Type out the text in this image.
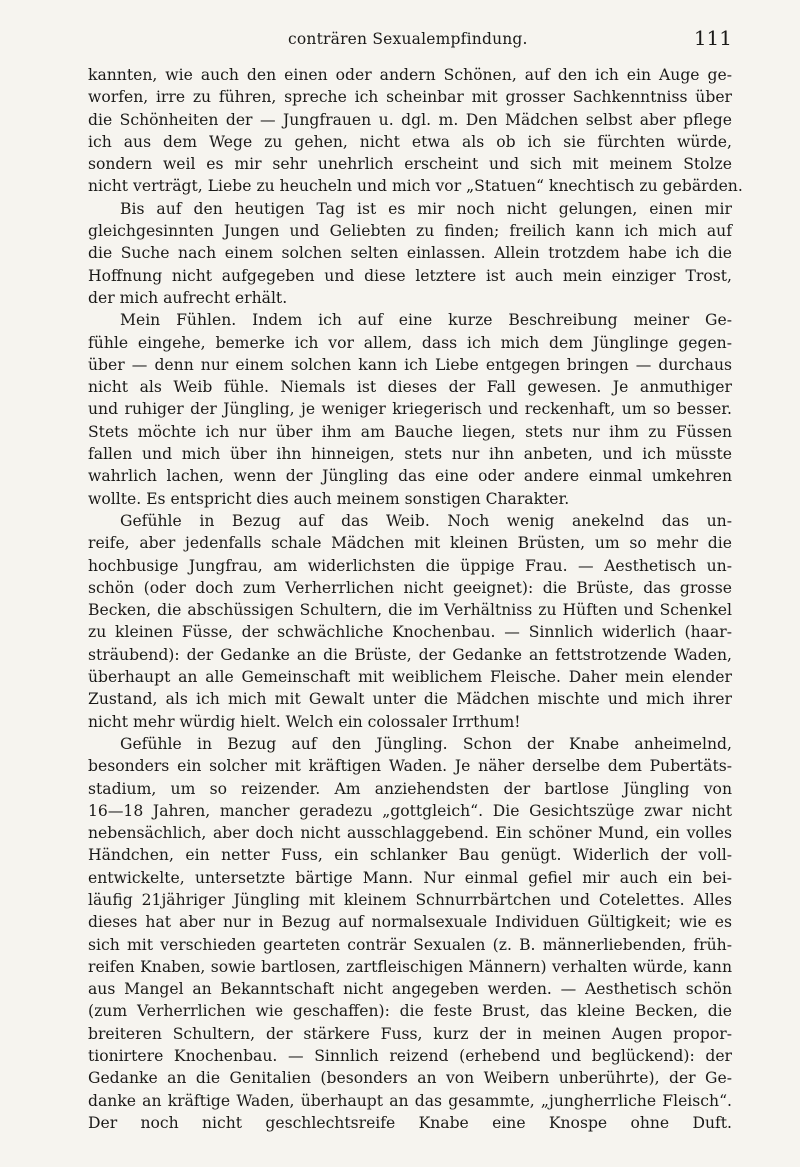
conträren Sexualempfindung.	111
kannten, wie auch den einen oder andern Schönen, auf den ich ein Auge ge-
worfen, irre zu führen, spreche ich scheinbar mit grosser Sachkenntniss über
die Schönheiten der — Jungfrauen u. dgl. m. Den Mädchen selbst aber pflege
ich aus dem Wege zu gehen, nicht etwa als ob ich sie fürchten würde,
sondern weil es mir sehr unehrlich erscheint und sich mit meinem Stolze
nicht verträgt, Liebe zu heucheln und mich vor „Statuen“ knechtisch zu gebärden.
Bis auf den heutigen Tag ist es mir noch nicht gelungen, einen mir
gleichgesinnten Jungen und Geliebten zu finden; freilich kann ich mich auf
die Suche nach einem solchen selten einlassen. Allein trotzdem habe ich die
Hoffnung nicht aufgegeben und diese letztere ist auch mein einziger Trost,
der mich aufrecht erhält.
Mein Fühlen. Indem ich auf eine kurze Beschreibung meiner Ge-
fühle eingehe, bemerke ich vor allem, dass ich mich dem Jünglinge gegen-
über — denn nur einem solchen kann ich Liebe entgegen bringen — durchaus
nicht als Weib fühle. Niemals ist dieses der Fall gewesen. Je anmuthiger
und ruhiger der Jüngling, je weniger kriegerisch und reckenhaft, um so besser.
Stets möchte ich nur über ihm am Bauche liegen, stets nur ihm zu Füssen
fallen und mich über ihn hinneigen, stets nur ihn anbeten, und ich müsste
wahrlich lachen, wenn der Jüngling das eine oder andere einmal umkehren
wollte. Es entspricht dies auch meinem sonstigen Charakter.
Gefühle in Bezug auf das Weib. Noch wenig anekelnd das un-
reife, aber jedenfalls schale Mädchen mit kleinen Brüsten, um so mehr die
hochbusige Jungfrau, am widerlichsten die üppige Frau. — Aesthetisch un-
schön (oder doch zum Verherrlichen nicht geeignet): die Brüste, das grosse
Becken, die abschüssigen Schultern, die im Verhältniss zu Hüften und Schenkel
zu kleinen Füsse, der schwächliche Knochenbau. — Sinnlich widerlich (haar-
sträubend): der Gedanke an die Brüste, der Gedanke an fettstrotzende Waden,
überhaupt an alle Gemeinschaft mit weiblichem Fleische. Daher mein elender
Zustand, als ich mich mit Gewalt unter die Mädchen mischte und mich ihrer
nicht mehr würdig hielt. Welch ein colossaler Irrthum!
Gefühle in Bezug auf den Jüngling. Schon der Knabe anheimelnd,
besonders ein solcher mit kräftigen Waden. Je näher derselbe dem Pubertäts-
stadium, um so reizender. Am anziehendsten der bartlose Jüngling von
16—18 Jahren, mancher geradezu „gottgleich“. Die Gesichtszüge zwar nicht
nebensächlich, aber doch nicht ausschlaggebend. Ein schöner Mund, ein volles
Händchen, ein netter Fuss, ein schlanker Bau genügt. Widerlich der voll-
entwickelte, untersetzte bärtige Mann. Nur einmal gefiel mir auch ein bei-
läufig 21jähriger Jüngling mit kleinem Schnurrbärtchen und Cotelettes. Alles
dieses hat aber nur in Bezug auf normalsexuale Individuen Gültigkeit; wie es
sich mit verschieden gearteten conträr Sexualen (z. B. männerliebenden, früh-
reifen Knaben, sowie bartlosen, zartfleischigen Männern) verhalten würde, kann
aus Mangel an Bekanntschaft nicht angegeben werden. — Aesthetisch schön
(zum Verherrlichen wie geschaffen): die feste Brust, das kleine Becken, die
breiteren Schultern, der stärkere Fuss, kurz der in meinen Augen propor-
tionirtere Knochenbau. — Sinnlich reizend (erhebend und beglückend): der
Gedanke an die Genitalien (besonders an von Weibern unberührte), der Ge-
danke an kräftige Waden, überhaupt an das gesammte, „jungherrliche Fleisch“.
Der noch nicht geschlechtsreife Knabe eine Knospe ohne Duft.
